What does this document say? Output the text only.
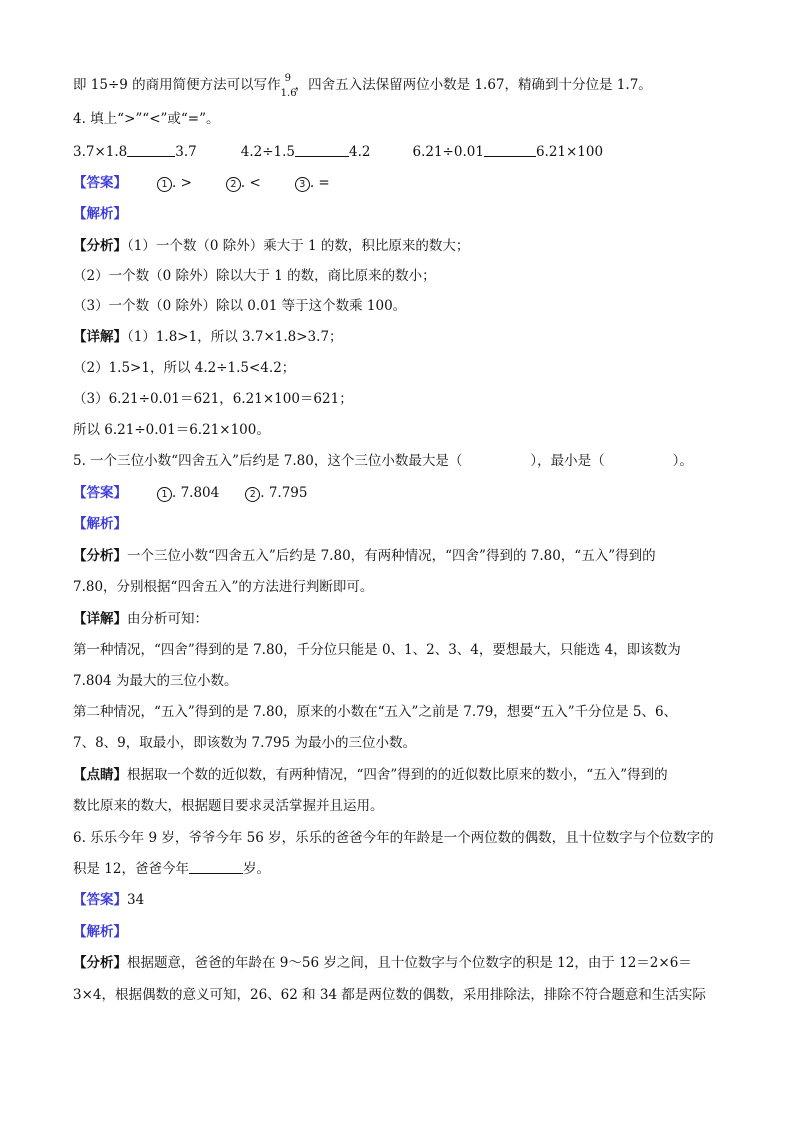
即 15÷9 的商用简便方法可以写作 9
1.6
，四舍五入法保留两位小数是 1.67，精确到十分位是 1.7。
4. 填上“>”“<”或“=”。
3.7×1.8	3.7	4.2÷1.5	4.2	6.21÷0.01	6.21×100
【答案】	1 . >	2 . <	3 . =
【解析】
【分析】（1）一个数（0 除外）乘大于 1 的数，积比原来的数大；
（2）一个数（0 除外）除以大于 1 的数，商比原来的数小；
（3）一个数（0 除外）除以 0.01 等于这个数乘 100。
【详解】（1）1.8>1，所以 3.7×1.8>3.7；
（2）1.5>1，所以 4.2÷1.5<4.2；
（3）6.21÷0.01＝621，6.21×100＝621；
所以 6.21÷0.01＝6.21×100。
5. 一个三位小数“四舍五入”后约是 7.80，这个三位小数最大是（	），最小是（	）。
【答案】	1 . 7.804	2 . 7.795
【解析】
【分析】一个三位小数“四舍五入”后约是 7.80，有两种情况，“四舍”得到的 7.80，“五入”得到的
7.80，分别根据“四舍五入”的方法进行判断即可。
【详解】由分析可知：
第一种情况，“四舍”得到的是 7.80，千分位只能是 0、1、2、3、4，要想最大，只能选 4，即该数为
7.804 为最大的三位小数。
第二种情况，“五入”得到的是 7.80，原来的小数在“五入”之前是 7.79，想要“五入”千分位是 5、6、
7、8、9，取最小，即该数为 7.795 为最小的三位小数。
【点睛】根据取一个数的近似数，有两种情况，“四舍”得到的的近似数比原来的数小，“五入”得到的
数比原来的数大，根据题目要求灵活掌握并且运用。
6. 乐乐今年 9 岁，爷爷今年 56 岁，乐乐的爸爸今年的年龄是一个两位数的偶数，且十位数字与个位数字的
积是 12，爸爸今年	岁。
【答案】34
【解析】
【分析】根据题意，爸爸的年龄在 9～56 岁之间，且十位数字与个位数字的积是 12，由于 12＝2×6＝
3×4，根据偶数的意义可知，26、62 和 34 都是两位数的偶数，采用排除法，排除不符合题意和生活实际
